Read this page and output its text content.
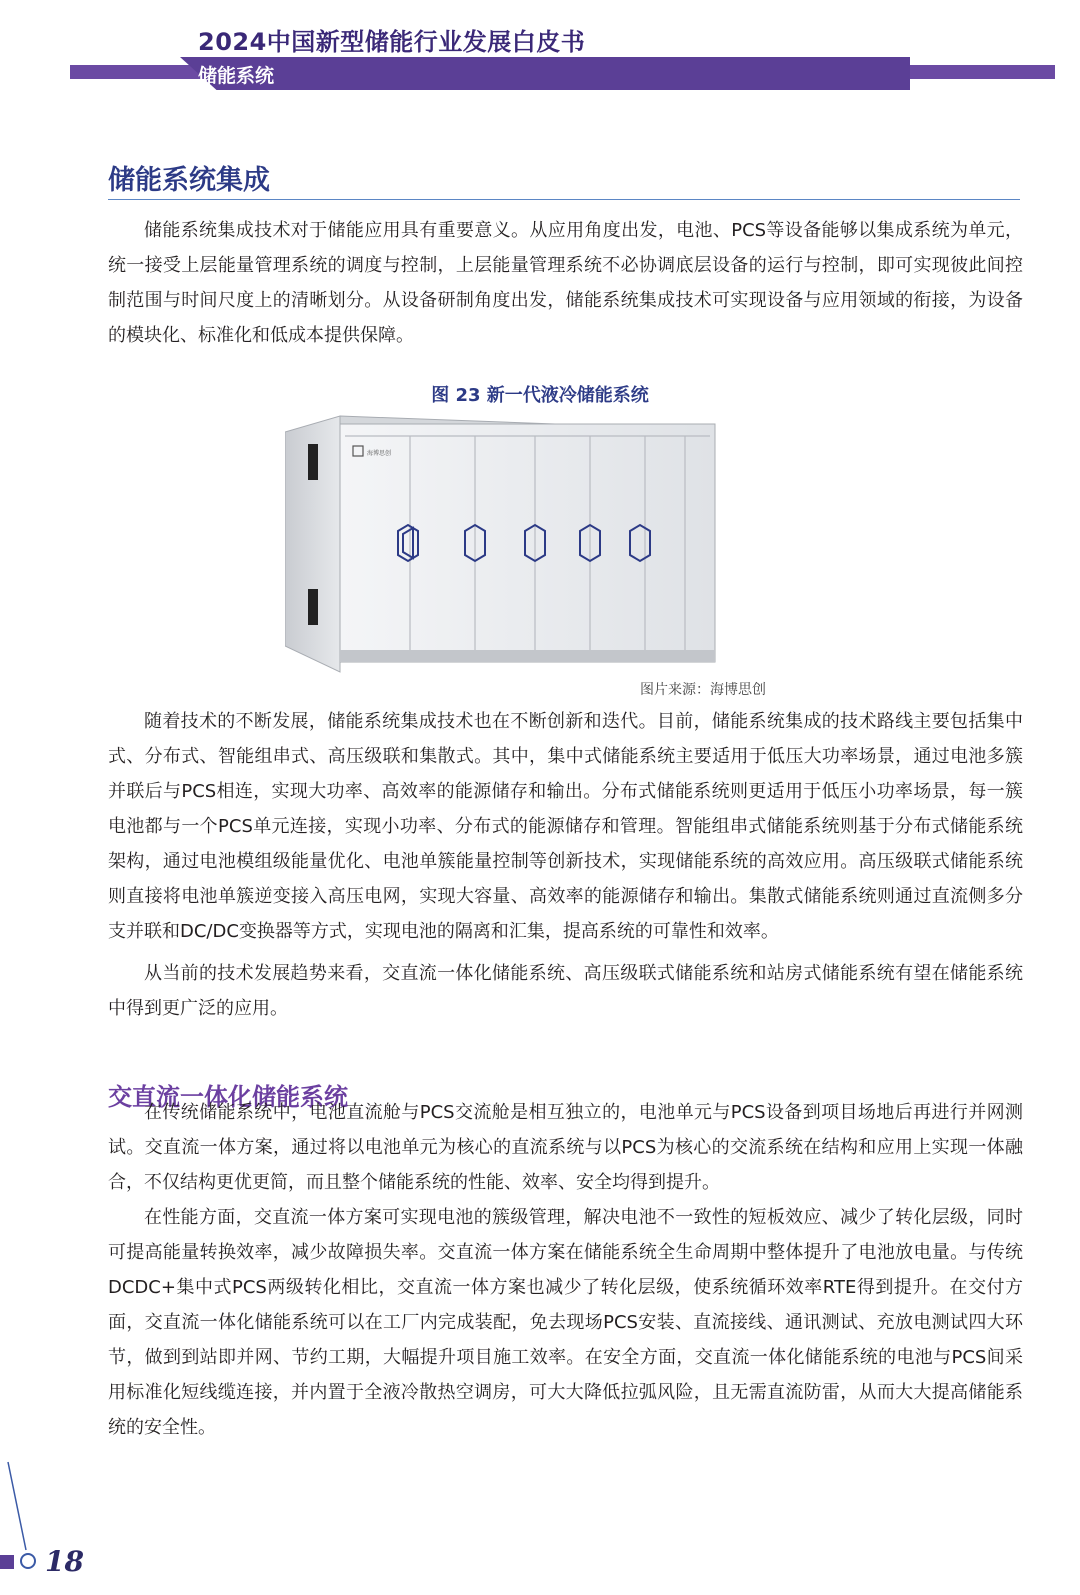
2024中国新型储能行业发展白皮书
储能系统
储能系统集成
储能系统集成技术对于储能应用具有重要意义。从应用角度出发，电池、PCS等设备能够以集成系统为单元，统一接受上层能量管理系统的调度与控制，上层能量管理系统不必协调底层设备的运行与控制，即可实现彼此间控制范围与时间尺度上的清晰划分。从设备研制角度出发，储能系统集成技术可实现设备与应用领域的衔接，为设备的模块化、标准化和低成本提供保障。
图 23 新一代液冷储能系统
海博思创
图片来源：海博思创
随着技术的不断发展，储能系统集成技术也在不断创新和迭代。目前，储能系统集成的技术路线主要包括集中式、分布式、智能组串式、高压级联和集散式。其中，集中式储能系统主要适用于低压大功率场景，通过电池多簇并联后与PCS相连，实现大功率、高效率的能源储存和输出。分布式储能系统则更适用于低压小功率场景，每一簇电池都与一个PCS单元连接，实现小功率、分布式的能源储存和管理。智能组串式储能系统则基于分布式储能系统架构，通过电池模组级能量优化、电池单簇能量控制等创新技术，实现储能系统的高效应用。高压级联式储能系统则直接将电池单簇逆变接入高压电网，实现大容量、高效率的能源储存和输出。集散式储能系统则通过直流侧多分支并联和DC/DC变换器等方式，实现电池的隔离和汇集，提高系统的可靠性和效率。
从当前的技术发展趋势来看，交直流一体化储能系统、高压级联式储能系统和站房式储能系统有望在储能系统中得到更广泛的应用。
交直流一体化储能系统
在传统储能系统中，电池直流舱与PCS交流舱是相互独立的，电池单元与PCS设备到项目场地后再进行并网测试。交直流一体方案，通过将以电池单元为核心的直流系统与以PCS为核心的交流系统在结构和应用上实现一体融合，不仅结构更优更简，而且整个储能系统的性能、效率、安全均得到提升。
在性能方面，交直流一体方案可实现电池的簇级管理，解决电池不一致性的短板效应、减少了转化层级，同时可提高能量转换效率，减少故障损失率。交直流一体方案在储能系统全生命周期中整体提升了电池放电量。与传统DCDC+集中式PCS两级转化相比，交直流一体方案也减少了转化层级，使系统循环效率RTE得到提升。在交付方面，交直流一体化储能系统可以在工厂内完成装配，免去现场PCS安装、直流接线、通讯测试、充放电测试四大环节，做到到站即并网、节约工期，大幅提升项目施工效率。在安全方面，交直流一体化储能系统的电池与PCS间采用标准化短线缆连接，并内置于全液冷散热空调房，可大大降低拉弧风险，且无需直流防雷，从而大大提高储能系统的安全性。
18
